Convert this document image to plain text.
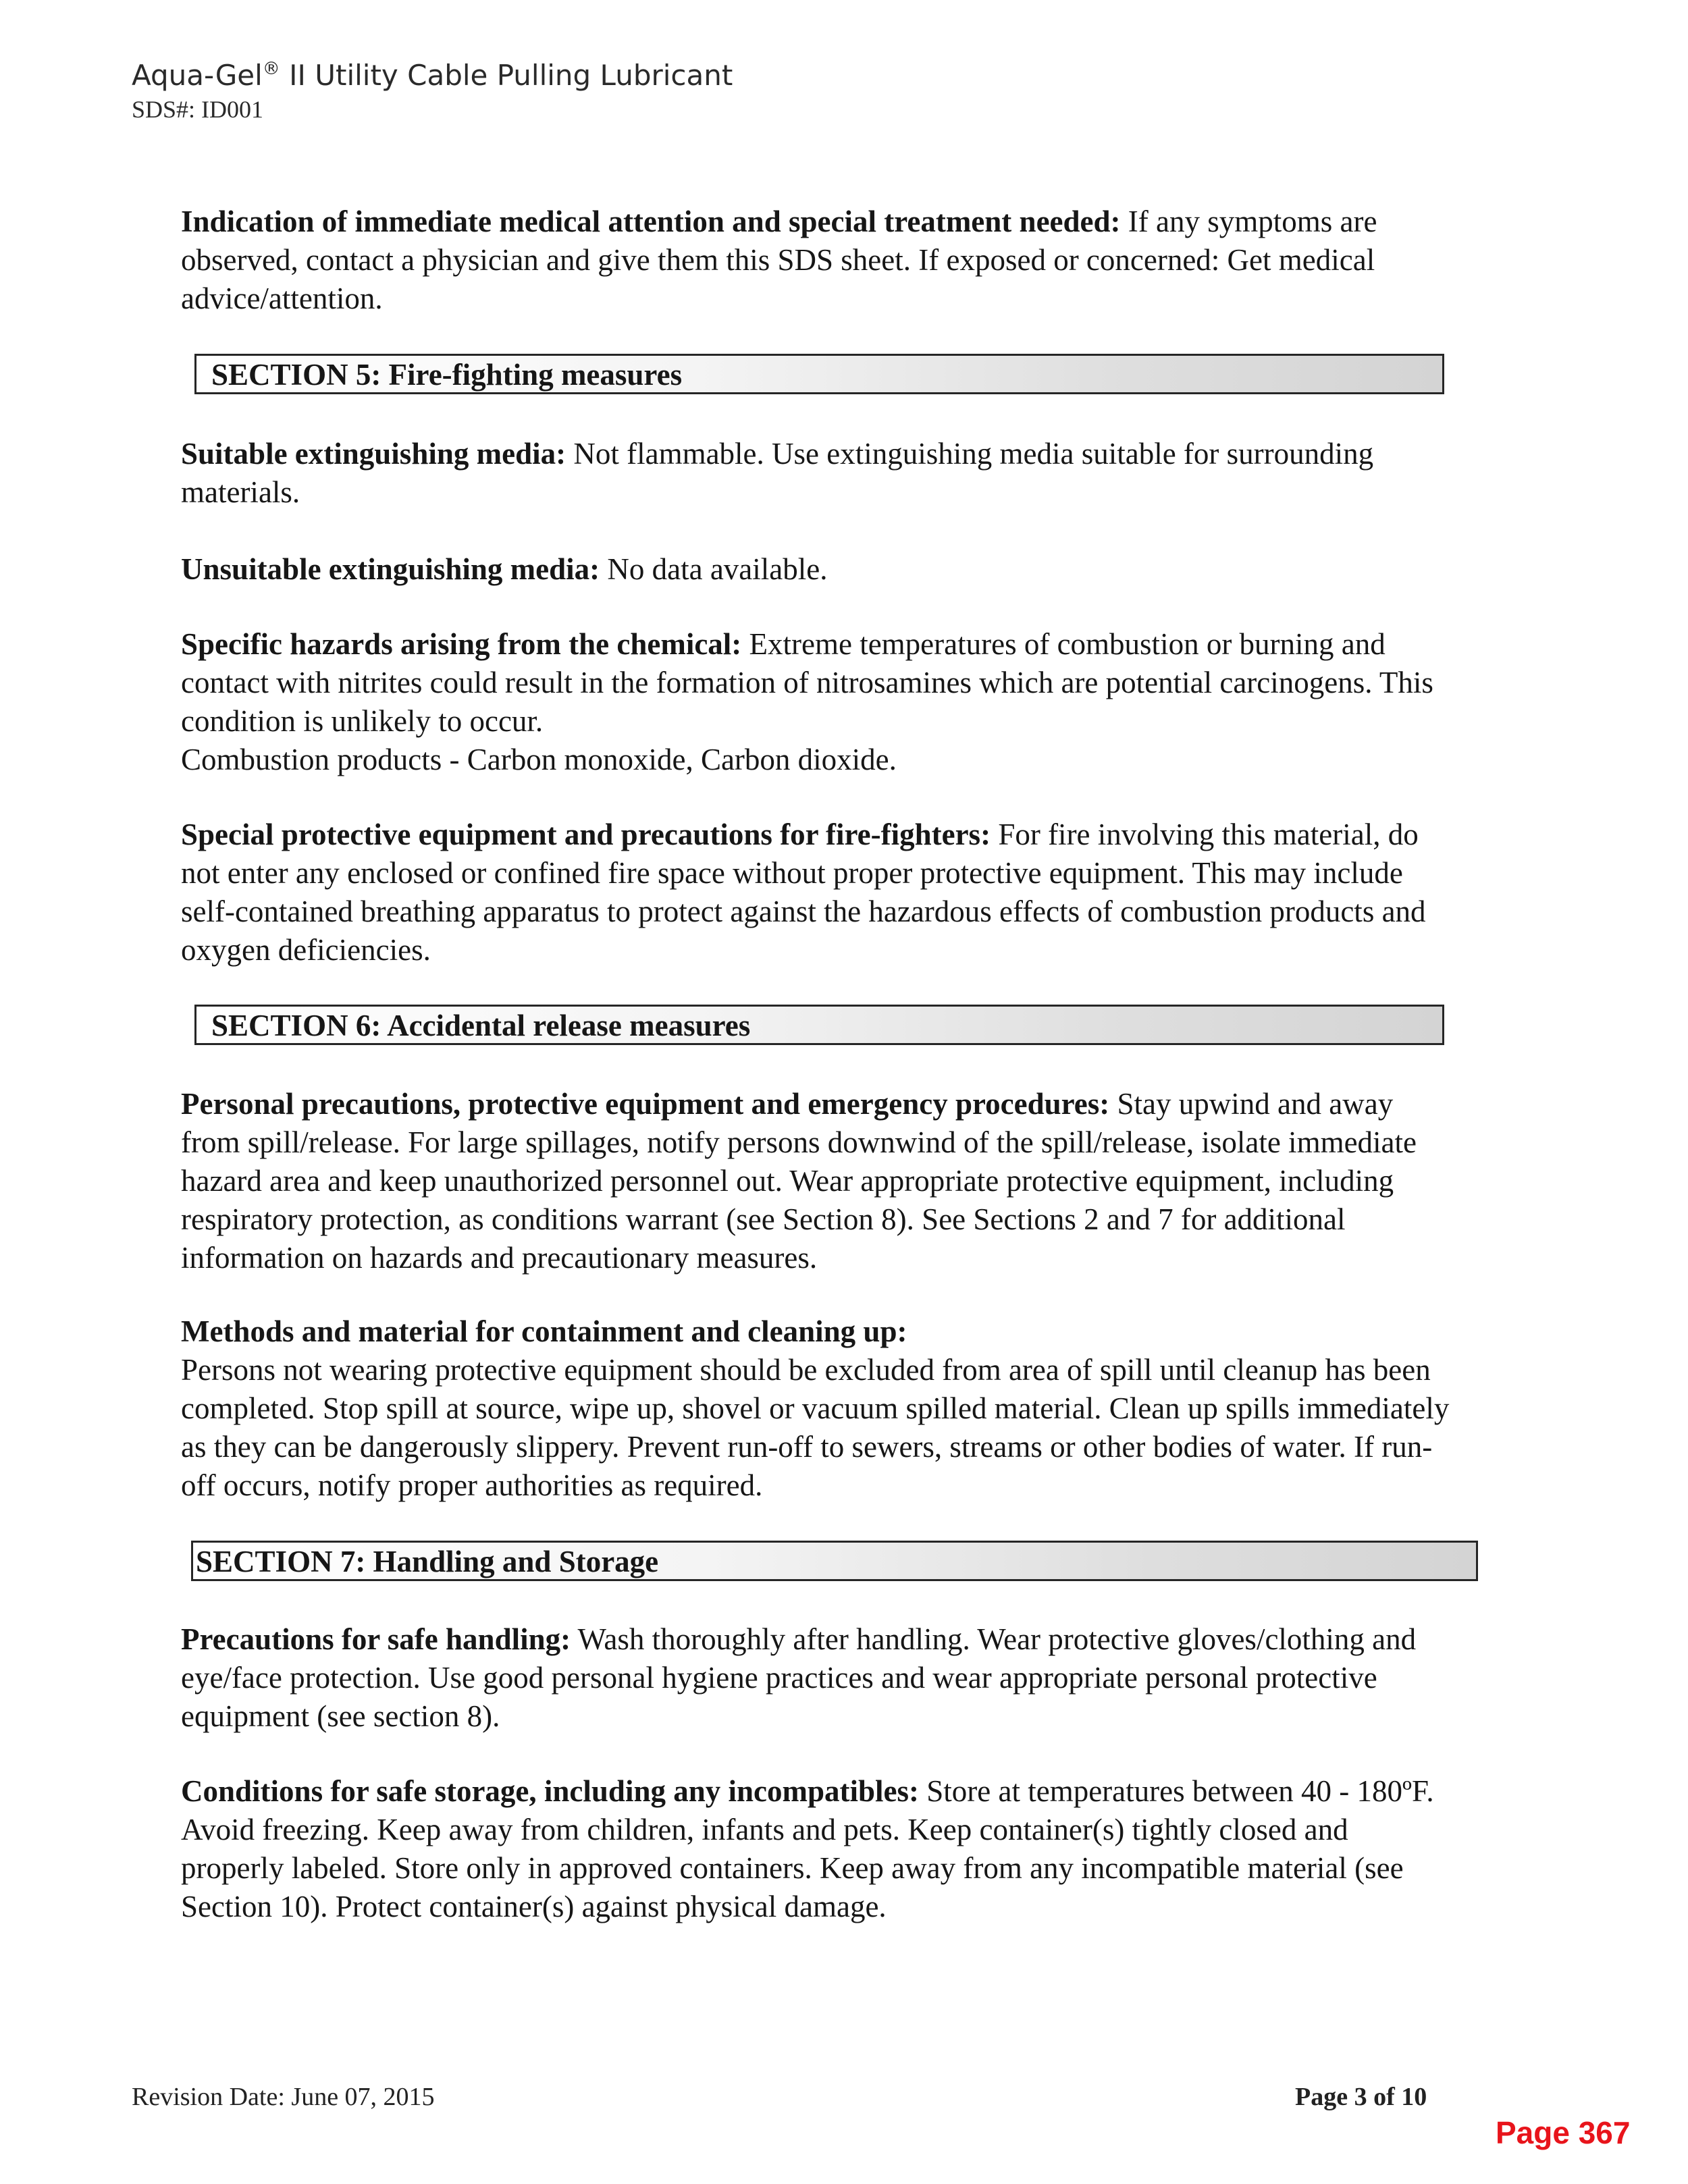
Aqua-Gel® II Utility Cable Pulling Lubricant
SDS#: ID001

Indication of immediate medical attention and special treatment needed: If any symptoms are observed, contact a physician and give them this SDS sheet. If exposed or concerned: Get medical advice/attention.

SECTION 5: Fire-fighting measures

Suitable extinguishing media: Not flammable. Use extinguishing media suitable for surrounding materials.

Unsuitable extinguishing media: No data available.

Specific hazards arising from the chemical: Extreme temperatures of combustion or burning and contact with nitrites could result in the formation of nitrosamines which are potential carcinogens. This condition is unlikely to occur.

Combustion products - Carbon monoxide, Carbon dioxide.

Special protective equipment and precautions for fire-fighters: For fire involving this material, do not enter any enclosed or confined fire space without proper protective equipment. This may include self-contained breathing apparatus to protect against the hazardous effects of combustion products and oxygen deficiencies.

SECTION 6: Accidental release measures

Personal precautions, protective equipment and emergency procedures: Stay upwind and away from spill/release. For large spillages, notify persons downwind of the spill/release, isolate immediate hazard area and keep unauthorized personnel out. Wear appropriate protective equipment, including respiratory protection, as conditions warrant (see Section 8). See Sections 2 and 7 for additional information on hazards and precautionary measures.

Methods and material for containment and cleaning up:

Persons not wearing protective equipment should be excluded from area of spill until cleanup has been completed. Stop spill at source, wipe up, shovel or vacuum spilled material. Clean up spills immediately as they can be dangerously slippery. Prevent run-off to sewers, streams or other bodies of water. If run-off occurs, notify proper authorities as required.

SECTION 7: Handling and Storage

Precautions for safe handling: Wash thoroughly after handling. Wear protective gloves/clothing and eye/face protection. Use good personal hygiene practices and wear appropriate personal protective equipment (see section 8).

Conditions for safe storage, including any incompatibles: Store at temperatures between 40 - 180ºF. Avoid freezing. Keep away from children, infants and pets. Keep container(s) tightly closed and properly labeled. Store only in approved containers. Keep away from any incompatible material (see Section 10). Protect container(s) against physical damage.

Revision Date: June 07, 2015	Page 3 of 10
Page 367
